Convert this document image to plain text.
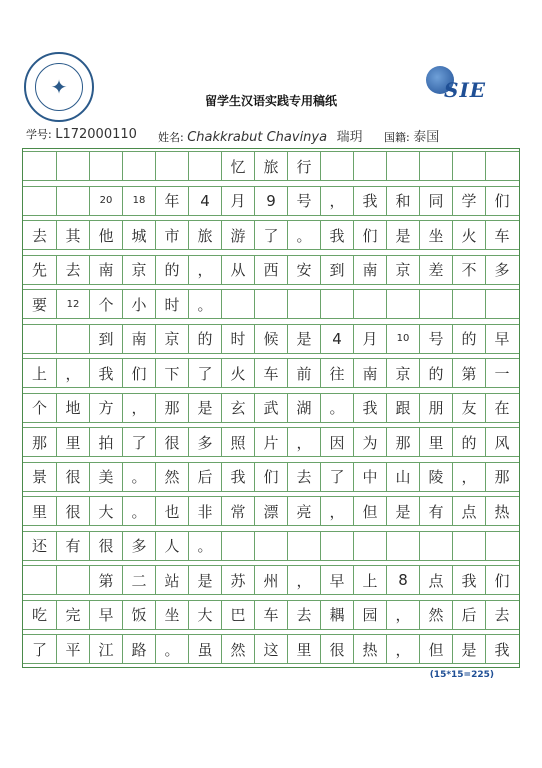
✦	SIE
留学生汉语实践专用稿纸
学号: L172000110 姓名: Chakkrabut Chavinya 瑞玥 国籍: 泰国
忆	旅	行
20	18	年	4	月	9	号	，	我	和	同	学	们
去	其	他	城	市	旅	游	了	。	我	们	是	坐	火	车
先	去	南	京	的	，	从	西	安	到	南	京	差	不	多
要	12	个	小	时	。
到	南	京	的	时	候	是	4	月	10	号	的	早
上	，	我	们	下	了	火	车	前	往	南	京	的	第	一
个	地	方	，	那	是	玄	武	湖	。	我	跟	朋	友	在
那	里	拍	了	很	多	照	片	，	因	为	那	里	的	风
景	很	美	。	然	后	我	们	去	了	中	山	陵	，	那
里	很	大	。	也	非	常	漂	亮	，	但	是	有	点	热
还	有	很	多	人	。
第	二	站	是	苏	州	，	早	上	8	点	我	们
吃	完	早	饭	坐	大	巴	车	去	耦	园	，	然	后	去
了	平	江	路	。	虽	然	这	里	很	热	，	但	是	我
(15*15=225)
